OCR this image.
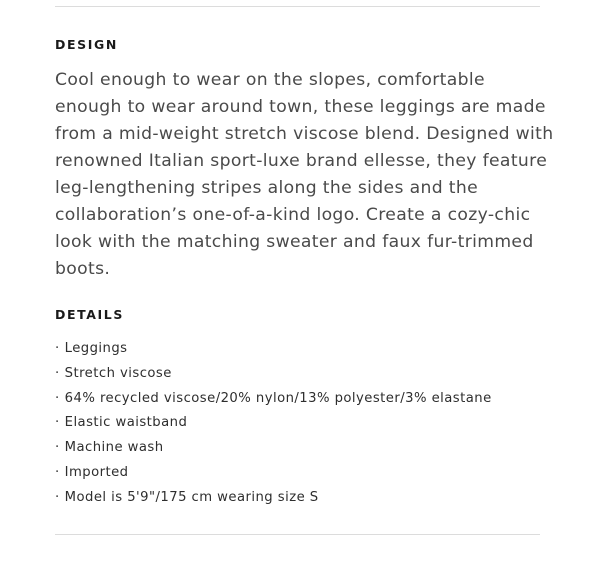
DESIGN

Cool enough to wear on the slopes, comfortable enough to wear around town, these leggings are made from a mid-weight stretch viscose blend. Designed with renowned Italian sport-luxe brand ellesse, they feature leg-lengthening stripes along the sides and the collaboration’s one-of-a-kind logo. Create a cozy-chic look with the matching sweater and faux fur-trimmed boots.

DETAILS
· Leggings
· Stretch viscose
· 64% recycled viscose/20% nylon/13% polyester/3% elastane
· Elastic waistband
· Machine wash
· Imported
· Model is 5'9"/175 cm wearing size S
